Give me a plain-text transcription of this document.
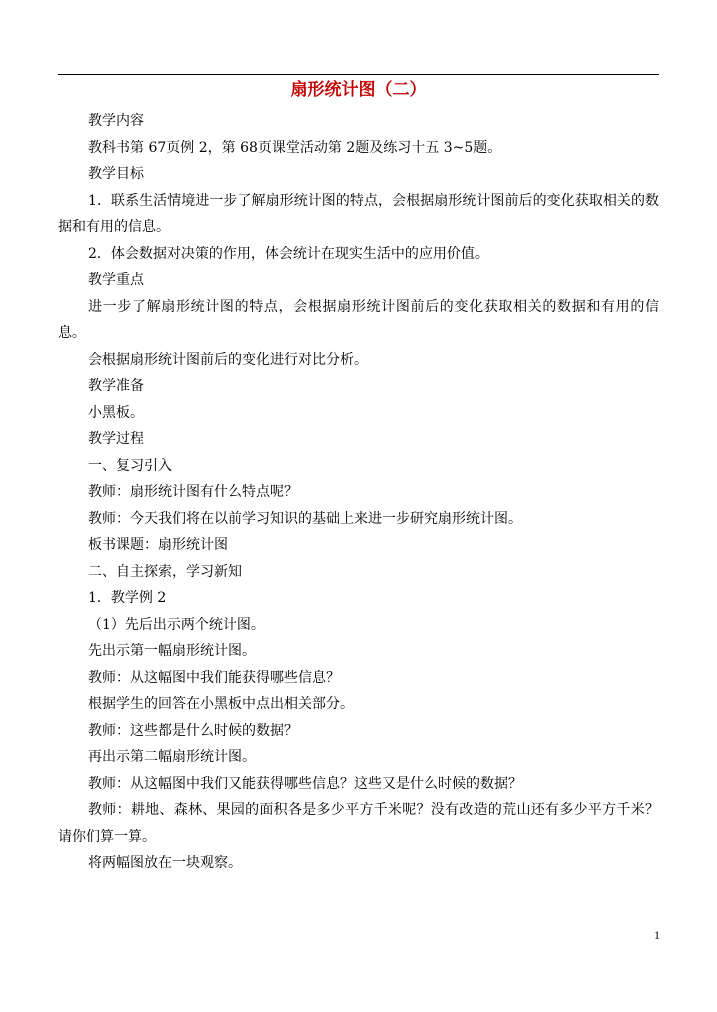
扇形统计图（二）

教学内容

教科书第 67页例 2，第 68页课堂活动第 2题及练习十五 3~5题。

教学目标

1．联系生活情境进一步了解扇形统计图的特点，会根据扇形统计图前后的变化获取相关的数据和有用的信息。

2．体会数据对决策的作用，体会统计在现实生活中的应用价值。

教学重点

进一步了解扇形统计图的特点，会根据扇形统计图前后的变化获取相关的数据和有用的信息。

会根据扇形统计图前后的变化进行对比分析。

教学准备

小黑板。

教学过程

一、复习引入

教师：扇形统计图有什么特点呢？

教师：今天我们将在以前学习知识的基础上来进一步研究扇形统计图。

板书课题：扇形统计图

二、自主探索，学习新知

1．教学例 2

（1）先后出示两个统计图。

先出示第一幅扇形统计图。

教师：从这幅图中我们能获得哪些信息？

根据学生的回答在小黑板中点出相关部分。

教师：这些都是什么时候的数据？

再出示第二幅扇形统计图。

教师：从这幅图中我们又能获得哪些信息？这些又是什么时候的数据？

教师：耕地、森林、果园的面积各是多少平方千米呢？没有改造的荒山还有多少平方千米？请你们算一算。

将两幅图放在一块观察。

1
